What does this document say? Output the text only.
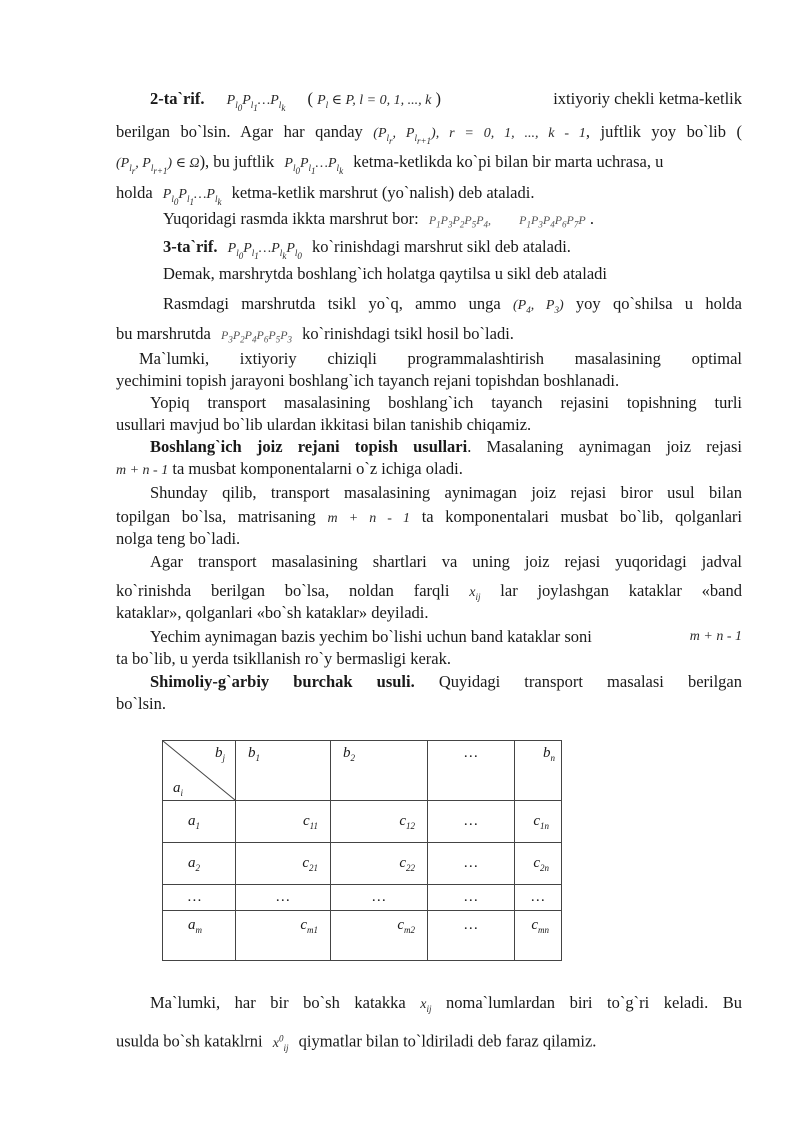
2-ta`rif. $P_{l_0}P_{l_1}\dots P_{l_k}$ ( $P_l$ ∈ P, l = 0, 1, ..., k )	ixtiyoriy chekli ketma-ketlik
berilgan bo`lsin. Agar har qanday ($P_{l_r}$, $P_{l_{r+1}}$), r = 0, 1, ..., k - 1, juftlik yoy bo`lib (
($P_{l_r}$, $P_{l_{r+1}}$) ∈ Ω), bu juftlik $P_{l_0}P_{l_1}\dots P_{l_k}$ ketma-ketlikda ko`pi bilan bir marta uchrasa, u
holda $P_{l_0}P_{l_1}\dots P_{l_k}$ ketma-ketlik marshrut (yo`nalish) deb ataladi.
Yuqoridagi rasmda ikkta marshrut bor: $P_1P_3P_2P_5P_4$, $P_1P_3P_4P_6P_7P$ .
3-ta`rif. $P_{l_0}P_{l_1}\dots P_{l_k}P_{l_0}$ ko`rinishdagi marshrut sikl deb ataladi.
Demak, marshrytda boshlang`ich holatga qaytilsa u sikl deb ataladi
Rasmdagi marshrutda tsikl yo`q, ammo unga ($P_4$, $P_3$) yoy qo`shilsa u holda
bu marshrutda $P_3P_2P_4P_6P_5P_3$ ko`rinishdagi tsikl hosil bo`ladi.
Ma`lumki, ixtiyoriy chiziqli programmalashtirish masalasining optimal
yechimini topish jarayoni boshlang`ich tayanch rejani topishdan boshlanadi.
Yopiq transport masalasining boshlang`ich tayanch rejasini topishning turli
usullari mavjud bo`lib ulardan ikkitasi bilan tanishib chiqamiz.
Boshlang`ich joiz rejani topish usullari. Masalaning aynimagan joiz rejasi
m + n - 1 ta musbat komponentalarni o`z ichiga oladi.
Shunday qilib, transport masalasining aynimagan joiz rejasi biror usul bilan
topilgan bo`lsa, matrisaning m + n - 1 ta komponentalari musbat bo`lib, qolganlari
nolga teng bo`ladi.
Agar transport masalasining shartlari va uning joiz rejasi yuqoridagi jadval
ko`rinishda berilgan bo`lsa, noldan farqli $x_{ij}$ lar joylashgan kataklar «band
kataklar», qolganlari «bo`sh kataklar» deyiladi.
Yechim aynimagan bazis yechim bo`lishi uchun band kataklar soni	m + n - 1
ta bo`lib, u yerda tsikllanish ro`y bermasligi kerak.
Shimoliy-g`arbiy burchak usuli. Quyidagi transport masalasi berilgan
bo`lsin.
$b_j$
$a_i$	$b_1$	$b_2$	…	$b_n$
$a_1$	$c_{11}$	$c_{12}$	…	$c_{1n}$
$a_2$	$c_{21}$	$c_{22}$	…	$c_{2n}$
…	…	…	…	…
$a_m$	$c_{m1}$	$c_{m2}$	…	$c_{mn}$
Ma`lumki, har bir bo`sh katakka $x_{ij}$ noma`lumlardan biri to`g`ri keladi. Bu
usulda bo`sh kataklrni $x^0_{ij}$ qiymatlar bilan to`ldiriladi deb faraz qilamiz.
